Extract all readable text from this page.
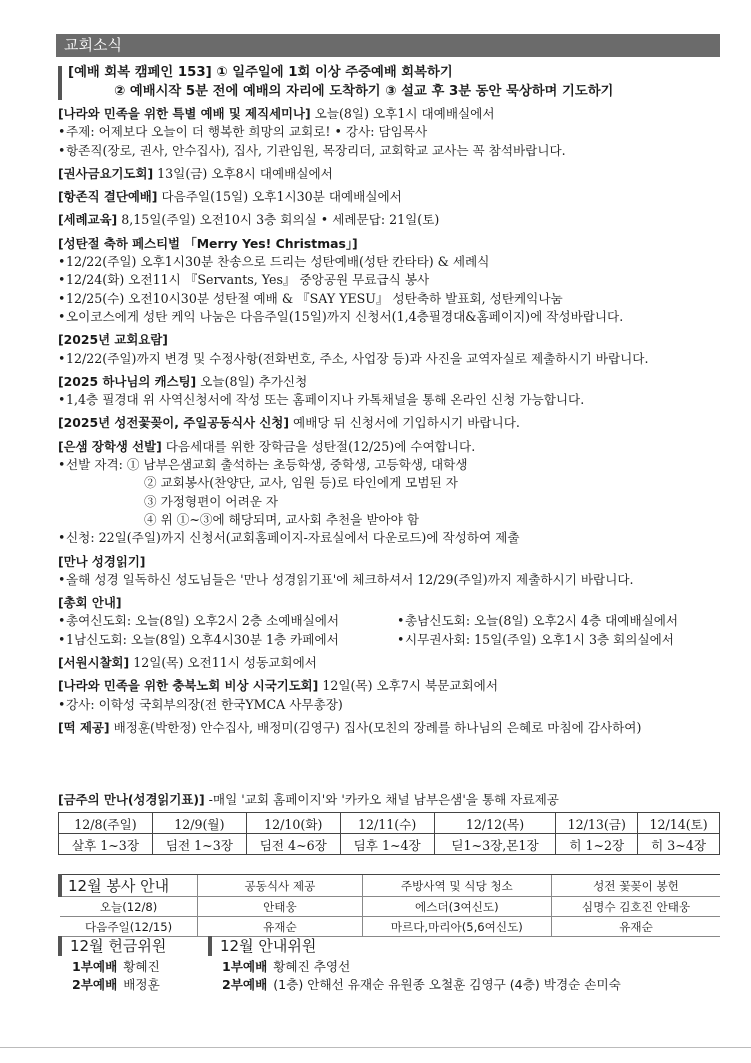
교회소식
[예배 회복 캠페인 153] ① 일주일에 1회 이상 주중예배 회복하기
② 예배시작 5분 전에 예배의 자리에 도착하기 ③ 설교 후 3분 동안 묵상하며 기도하기
[나라와 민족을 위한 특별 예배 및 제직세미나] 오늘(8일) 오후1시 대예배실에서
• 주제: 어제보다 오늘이 더 행복한 희망의 교회로! • 강사: 담임목사
• 항존직(장로, 권사, 안수집사), 집사, 기관임원, 목장리더, 교회학교 교사는 꼭 참석바랍니다.
[권사금요기도회] 13일(금) 오후8시 대예배실에서
[항존직 결단예배] 다음주일(15일) 오후1시30분 대예배실에서
[세례교육] 8,15일(주일) 오전10시 3층 회의실 • 세례문답: 21일(토)
[성탄절 축하 페스티벌 「Merry Yes! Christmas」]
• 12/22(주일) 오후1시30분 찬송으로 드리는 성탄예배(성탄 칸타타) & 세례식
• 12/24(화) 오전11시 『Servants, Yes』 중앙공원 무료급식 봉사
• 12/25(수) 오전10시30분 성탄절 예배 & 『SAY YESU』 성탄축하 발표회, 성탄케익나눔
• 오이코스에게 성탄 케익 나눔은 다음주일(15일)까지 신청서(1,4층필경대&홈페이지)에 작성바랍니다.
[2025년 교회요람]
• 12/22(주일)까지 변경 및 수정사항(전화번호, 주소, 사업장 등)과 사진을 교역자실로 제출하시기 바랍니다.
[2025 하나님의 캐스팅] 오늘(8일) 추가신청
• 1,4층 필경대 위 사역신청서에 작성 또는 홈페이지나 카톡채널을 통해 온라인 신청 가능합니다.
[2025년 성전꽃꽂이, 주일공동식사 신청] 예배당 뒤 신청서에 기입하시기 바랍니다.
[은샘 장학생 선발] 다음세대를 위한 장학금을 성탄절(12/25)에 수여합니다.
• 선발 자격: ① 남부은샘교회 출석하는 초등학생, 중학생, 고등학생, 대학생
② 교회봉사(찬양단, 교사, 임원 등)로 타인에게 모범된 자
③ 가정형편이 어려운 자
④ 위 ①~③에 해당되며, 교사회 추천을 받아야 함
• 신청: 22일(주일)까지 신청서(교회홈페이지-자료실에서 다운로드)에 작성하여 제출
[만나 성경읽기]
• 올해 성경 일독하신 성도님들은 '만나 성경읽기표'에 체크하셔서 12/29(주일)까지 제출하시기 바랍니다.
[총회 안내]
• 총여신도회: 오늘(8일) 오후2시 2층 소예배실에서	• 총남신도회: 오늘(8일) 오후2시 4층 대예배실에서
• 1남신도회: 오늘(8일) 오후4시30분 1층 카페에서	• 시무권사회: 15일(주일) 오후1시 3층 회의실에서
[서원시찰회] 12일(목) 오전11시 성동교회에서
[나라와 민족을 위한 충북노회 비상 시국기도회] 12일(목) 오후7시 북문교회에서
• 강사: 이학성 국회부의장(전 한국YMCA 사무총장)
[떡 제공] 배정훈(박한정) 안수집사, 배정미(김영구) 집사(모친의 장례를 하나님의 은혜로 마침에 감사하여)
[금주의 만나(성경읽기표)] -매일 '교회 홈페이지'와 '카카오 채널 남부은샘'을 통해 자료제공
12/8(주일)	12/9(월)	12/10(화)	12/11(수)	12/12(목)	12/13(금)	12/14(토)
살후 1~3장	딤전 1~3장	딤전 4~6장	딤후 1~4장	딛1~3장,몬1장	히 1~2장	히 3~4장
12월 봉사 안내	공동식사 제공	주방사역 및 식당 청소	성전 꽃꽂이 봉헌
오늘(12/8)	안태웅	에스더(3여신도)	심명수 김호진 안태웅
다음주일(12/15)	유재순	마르다,마리아(5,6여신도)	유재순
12월 헌금위원
1부예배 황혜진
2부예배 배정훈
12월 안내위원
1부예배 황혜진 추영선
2부예배 (1층) 안해선 유재순 유원종 오철훈 김영구 (4층) 박경순 손미숙
